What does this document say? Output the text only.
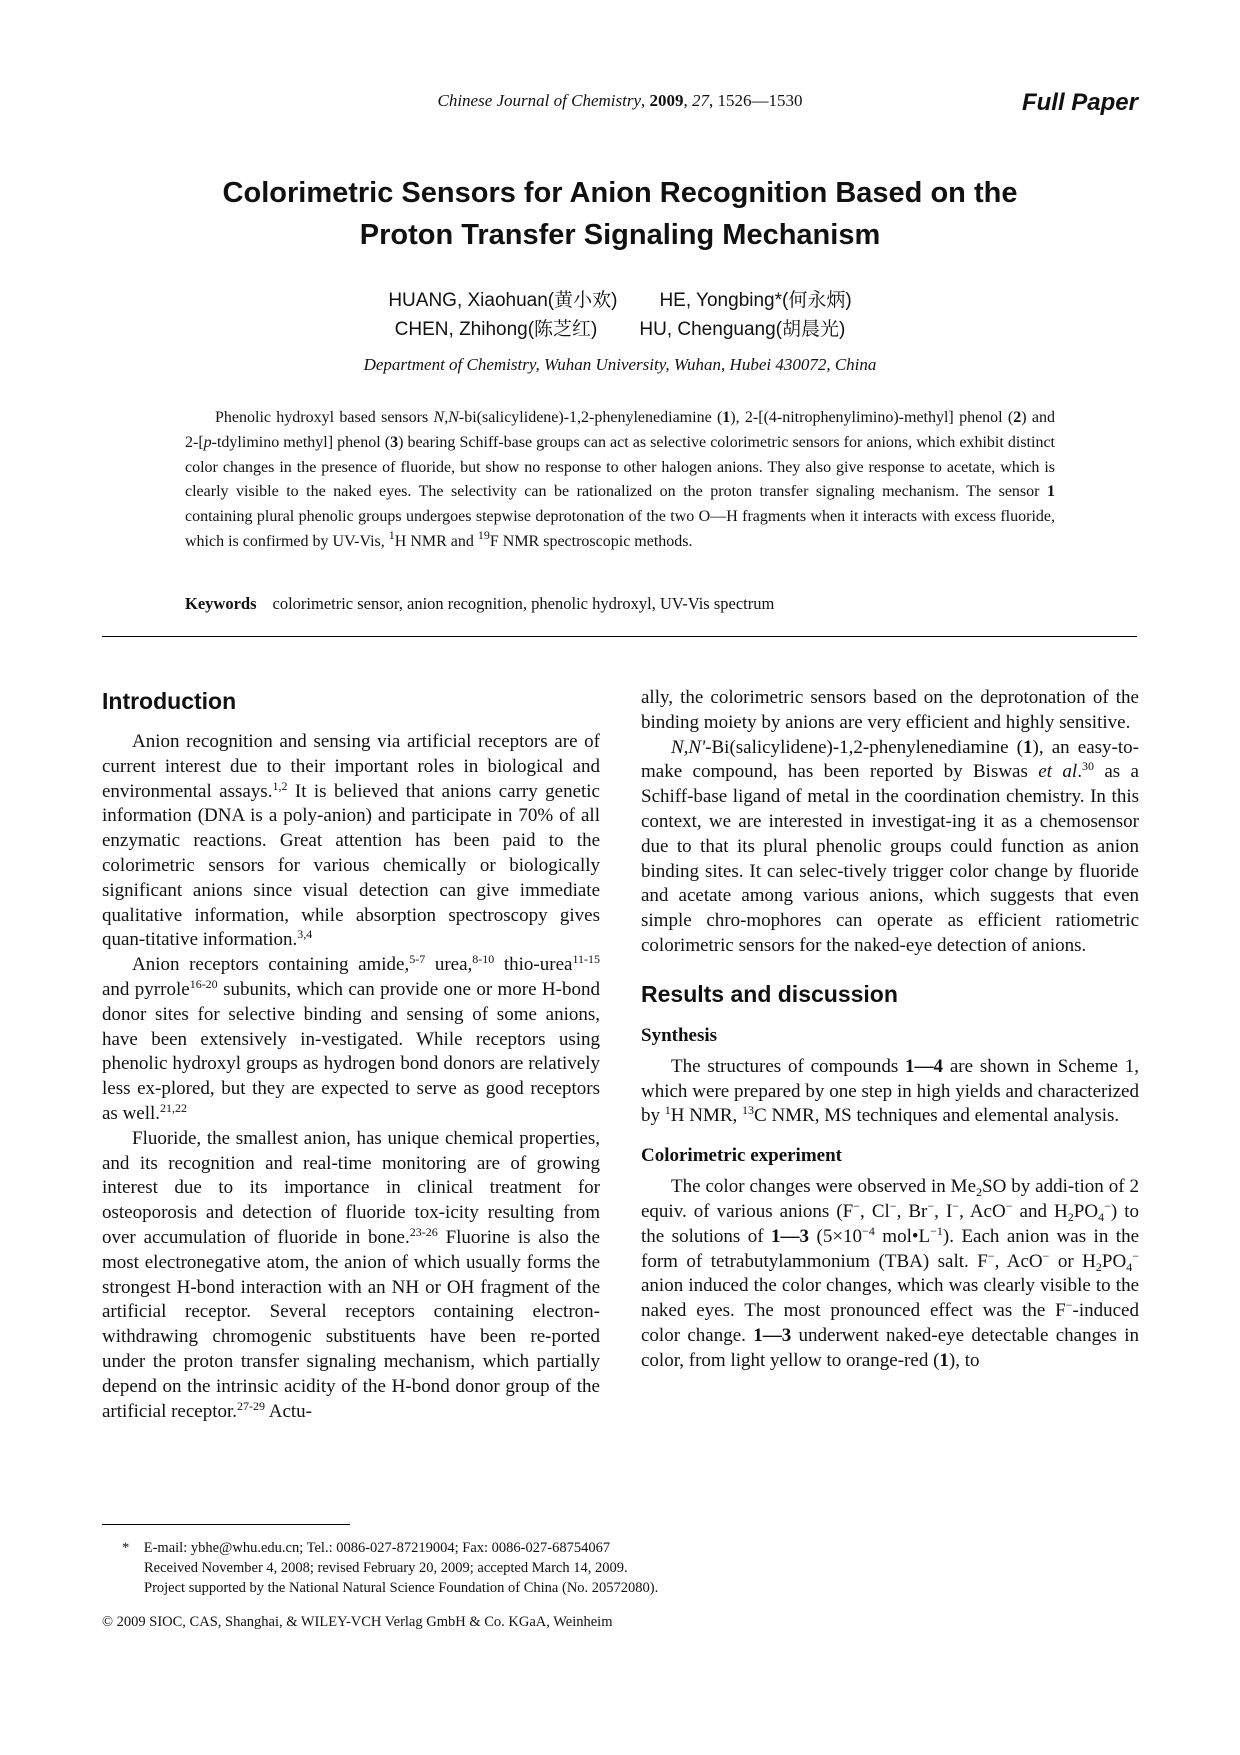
Chinese Journal of Chemistry, 2009, 27, 1526—1530	Full Paper
Colorimetric Sensors for Anion Recognition Based on the
Proton Transfer Signaling Mechanism
HUANG, Xiaohuan(黄小欢) HE, Yongbing*(何永炳)
CHEN, Zhihong(陈芝红) HU, Chenguang(胡晨光)
Department of Chemistry, Wuhan University, Wuhan, Hubei 430072, China

Phenolic hydroxyl based sensors N,N-bi(salicylidene)-1,2-phenylenediamine (1), 2-[(4-nitrophenylimino)-methyl] phenol (2) and 2-[p-tdylimino methyl] phenol (3) bearing Schiff-base groups can act as selective colorimetric sensors for anions, which exhibit distinct color changes in the presence of fluoride, but show no response to other halogen anions. They also give response to acetate, which is clearly visible to the naked eyes. The selectivity can be rationalized on the proton transfer signaling mechanism. The sensor 1 containing plural phenolic groups undergoes stepwise deprotonation of the two O—H fragments when it interacts with excess fluoride, which is confirmed by UV-Vis, $^1$H NMR and $^{19}$F NMR spectroscopic methods.

Keywords colorimetric sensor, anion recognition, phenolic hydroxyl, UV-Vis spectrum
Introduction

Anion recognition and sensing via artificial receptors are of current interest due to their important roles in biological and environmental assays.$^{1,2}$ It is believed that anions carry genetic information (DNA is a poly-anion) and participate in 70% of all enzymatic reactions. Great attention has been paid to the colorimetric sensors for various chemically or biologically significant anions since visual detection can give immediate qualitative information, while absorption spectroscopy gives quan-titative information.$^{3,4}$

Anion receptors containing amide,$^{5-7}$ urea,$^{8-10}$ thio-urea$^{11-15}$ and pyrrole$^{16-20}$ subunits, which can provide one or more H-bond donor sites for selective binding and sensing of some anions, have been extensively in-vestigated. While receptors using phenolic hydroxyl groups as hydrogen bond donors are relatively less ex-plored, but they are expected to serve as good receptors as well.$^{21,22}$

Fluoride, the smallest anion, has unique chemical properties, and its recognition and real-time monitoring are of growing interest due to its importance in clinical treatment for osteoporosis and detection of fluoride tox-icity resulting from over accumulation of fluoride in bone.$^{23-26}$ Fluorine is also the most electronegative atom, the anion of which usually forms the strongest H-bond interaction with an NH or OH fragment of the artificial receptor. Several receptors containing electron-withdrawing chromogenic substituents have been re-ported under the proton transfer signaling mechanism, which partially depend on the intrinsic acidity of the H-bond donor group of the artificial receptor.$^{27-29}$ Actu-

ally, the colorimetric sensors based on the deprotonation of the binding moiety by anions are very efficient and highly sensitive.

N,N'-Bi(salicylidene)-1,2-phenylenediamine (1), an easy-to-make compound, has been reported by Biswas et al.$^{30}$ as a Schiff-base ligand of metal in the coordination chemistry. In this context, we are interested in investigat-ing it as a chemosensor due to that its plural phenolic groups could function as anion binding sites. It can selec-tively trigger color change by fluoride and acetate among various anions, which suggests that even simple chro-mophores can operate as efficient ratiometric colorimetric sensors for the naked-eye detection of anions.

Results and discussion
Synthesis

The structures of compounds 1—4 are shown in Scheme 1, which were prepared by one step in high yields and characterized by $^1$H NMR, $^{13}$C NMR, MS techniques and elemental analysis.

Colorimetric experiment

The color changes were observed in $Me_2SO$ by addi-tion of 2 equiv. of various anions (F−, Cl−, Br−, I−, AcO− and $H_2PO_4^-$) to the solutions of 1—3 ($5\times 10^{-4}$ $mol•L^{-1}$). Each anion was in the form of tetrabutylammonium (TBA) salt. F−, AcO− or $H_2PO_4^-$ anion induced the color changes, which was clearly visible to the naked eyes. The most pronounced effect was the F−-induced color change. 1—3 underwent naked-eye detectable changes in color, from light yellow to orange-red (1), to

* E-mail: ybhe@whu.edu.cn; Tel.: 0086-027-87219004; Fax: 0086-027-68754067
Received November 4, 2008; revised February 20, 2009; accepted March 14, 2009.
Project supported by the National Natural Science Foundation of China (No. 20572080).
© 2009 SIOC, CAS, Shanghai, & WILEY-VCH Verlag GmbH & Co. KGaA, Weinheim
